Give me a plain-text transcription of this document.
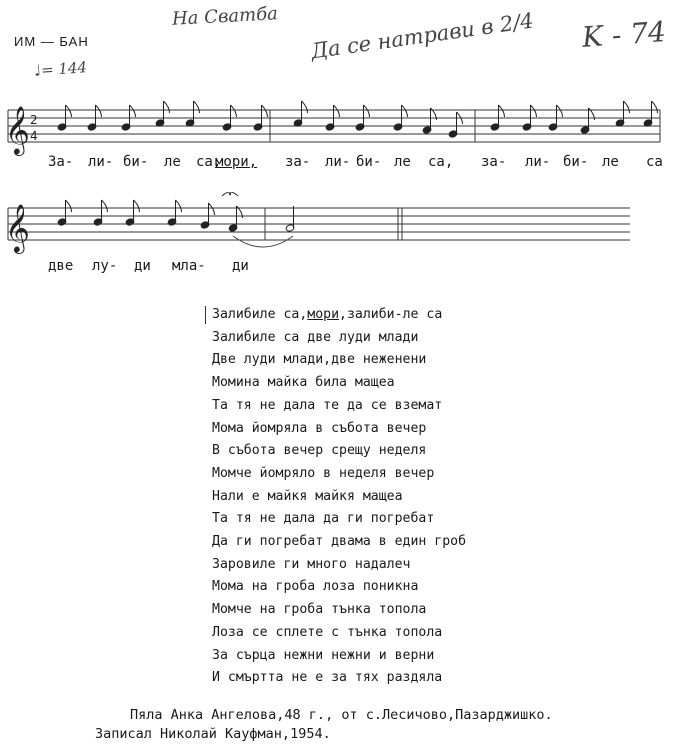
ИМ — БАН
На Сватба Да се натрави в 2/4 K - 74
♩= 144
𝄞 2
4
За- ли- би- ле са,
мори, за- ли- би- ле са, за- ли- би- ле са
𝄞
две лу- ди мла- ди
Залибиле са,мори,залиби-ле са
Залибиле са две луди млади
Две луди млади,две неженени
Момина майка била мащеа
Та тя не дала те да се вземат
Мома йомряла в събота вечер
В събота вечер срещу неделя
Момче йомряло в неделя вечер
Нали е майкя майкя мащеа
Та тя не дала да ги погребат
Да ги погребат двама в един гроб
Заровиле ги много надалеч
Мома на гроба лоза поникна
Момче на гроба тънка топола
Лоза се сплете с тънка топола
За сърца нежни нежни и верни
И смъртта не е за тях раздяла
Пяла Анка Ангелова,48 г., от с.Лесичово,Пазарджишко.
Записал Николай Кауфман,1954.
